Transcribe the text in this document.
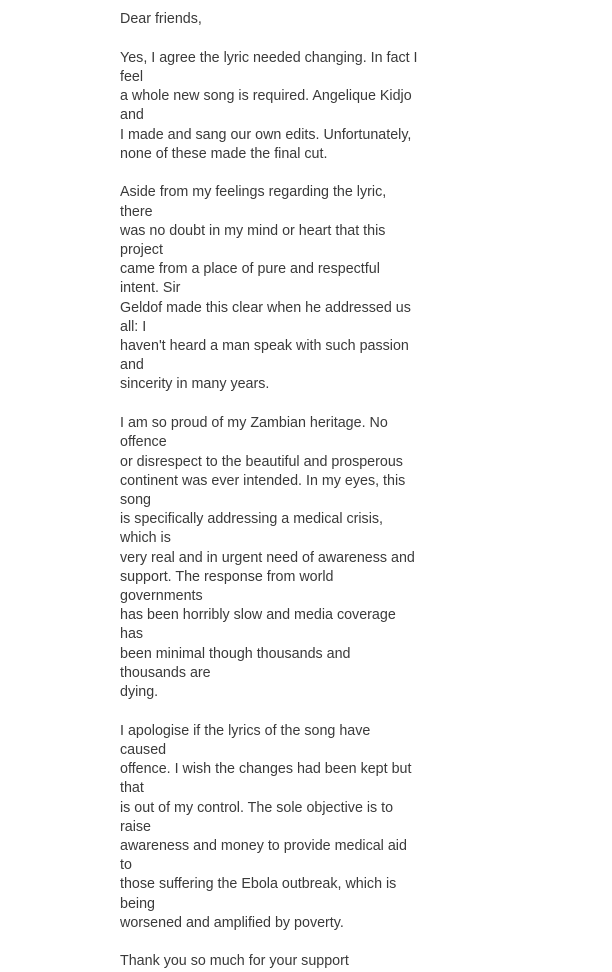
Dear friends,

Yes, I agree the lyric needed changing. In fact I feel
a whole new song is required. Angelique Kidjo and
I made and sang our own edits. Unfortunately,
none of these made the final cut.

Aside from my feelings regarding the lyric, there
was no doubt in my mind or heart that this project
came from a place of pure and respectful intent. Sir
Geldof made this clear when he addressed us all: I
haven't heard a man speak with such passion and
sincerity in many years.

I am so proud of my Zambian heritage. No offence
or disrespect to the beautiful and prosperous
continent was ever intended. In my eyes, this song
is specifically addressing a medical crisis, which is
very real and in urgent need of awareness and
support. The response from world governments
has been horribly slow and media coverage has
been minimal though thousands and thousands are
dying.

I apologise if the lyrics of the song have caused
offence. I wish the changes had been kept but that
is out of my control. The sole objective is to raise
awareness and money to provide medical aid to
those suffering the Ebola outbreak, which is being
worsened and amplified by poverty.

Thank you so much for your support
